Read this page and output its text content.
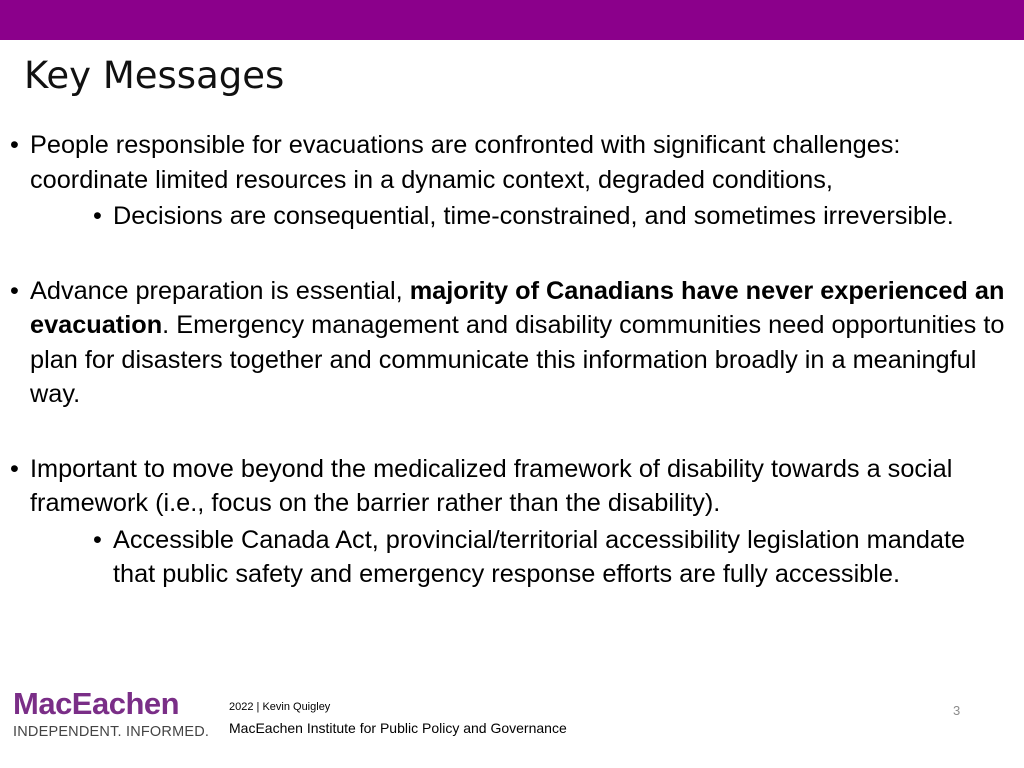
Key Messages

• People responsible for evacuations are confronted with significant challenges: coordinate limited resources in a dynamic context, degraded conditions,

• Decisions are consequential, time-constrained, and sometimes irreversible.

• Advance preparation is essential, majority of Canadians have never experienced an evacuation. Emergency management and disability communities need opportunities to plan for disasters together and communicate this information broadly in a meaningful way.

• Important to move beyond the medicalized framework of disability towards a social framework (i.e., focus on the barrier rather than the disability).

• Accessible Canada Act, provincial/territorial accessibility legislation mandate that public safety and emergency response efforts are fully accessible.

MacEachen
INDEPENDENT. INFORMED.
2022 | Kevin Quigley
MacEachen Institute for Public Policy and Governance
3
